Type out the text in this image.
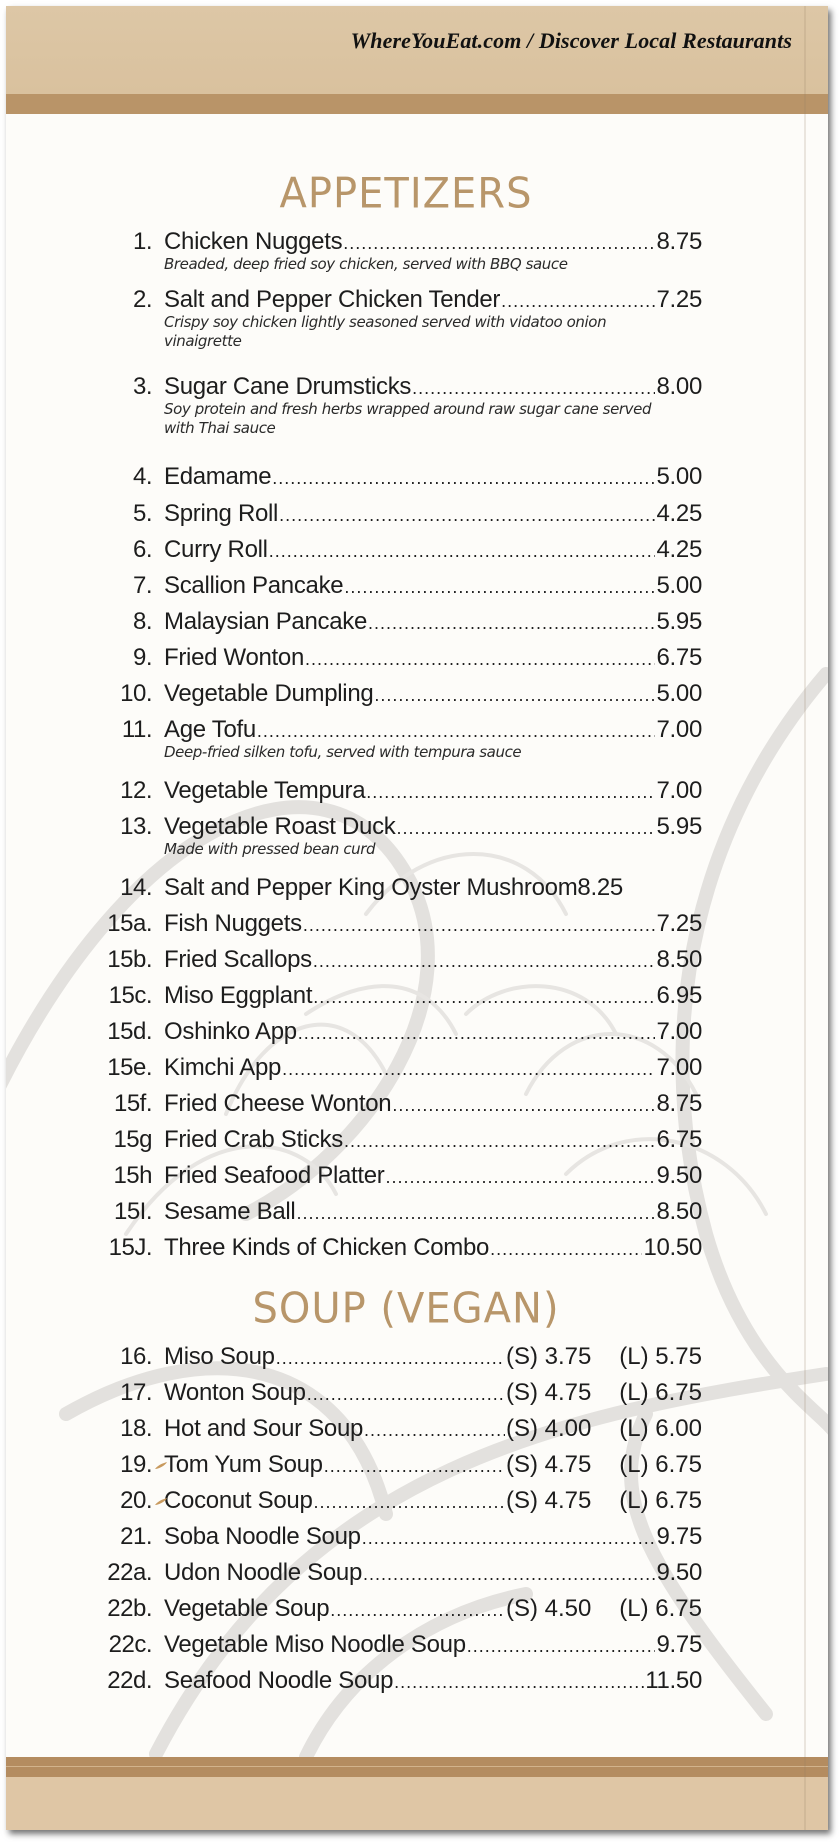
WhereYouEat.com / Discover Local Restaurants
APPETIZERS
1. Chicken Nuggets .....	8.75
Breaded, deep fried soy chicken, served with BBQ sauce
2. Salt and Pepper Chicken Tender .....	7.25
Crispy soy chicken lightly seasoned served with vidatoo onion vinaigrette
3. Sugar Cane Drumsticks .....	8.00
Soy protein and fresh herbs wrapped around raw sugar cane served with Thai sauce
4. Edamame .....	5.00
5. Spring Roll .....	4.25
6. Curry Roll .....	4.25
7. Scallion Pancake .....	5.00
8. Malaysian Pancake .....	5.95
9. Fried Wonton .....	6.75
10. Vegetable Dumpling .....	5.00
11. Age Tofu .....	7.00
Deep-fried silken tofu, served with tempura sauce
12. Vegetable Tempura .....	7.00
13. Vegetable Roast Duck .....	5.95
Made with pressed bean curd
14. Salt and Pepper King Oyster Mushroom 8.25
15a. Fish Nuggets .....	7.25
15b. Fried Scallops .....	8.50
15c. Miso Eggplant .....	6.95
15d. Oshinko App .....	7.00
15e. Kimchi App .....	7.00
15f. Fried Cheese Wonton .....	8.75
15g Fried Crab Sticks .....	6.75
15h Fried Seafood Platter .....	9.50
15I. Sesame Ball .....	8.50
15J. Three Kinds of Chicken Combo .....	10.50
SOUP (VEGAN)
16. Miso Soup .....	(S) 3.75	(L) 5.75
17. Wonton Soup .....	(S) 4.75	(L) 6.75
18. Hot and Sour Soup .....	(S) 4.00	(L) 6.00
19. Tom Yum Soup .....	(S) 4.75	(L) 6.75
20. Coconut Soup .....	(S) 4.75	(L) 6.75
21. Soba Noodle Soup .....	9.75
22a. Udon Noodle Soup .....	9.50
22b. Vegetable Soup .....	(S) 4.50	(L) 6.75
22c. Vegetable Miso Noodle Soup .....	9.75
22d. Seafood Noodle Soup .....	11.50
